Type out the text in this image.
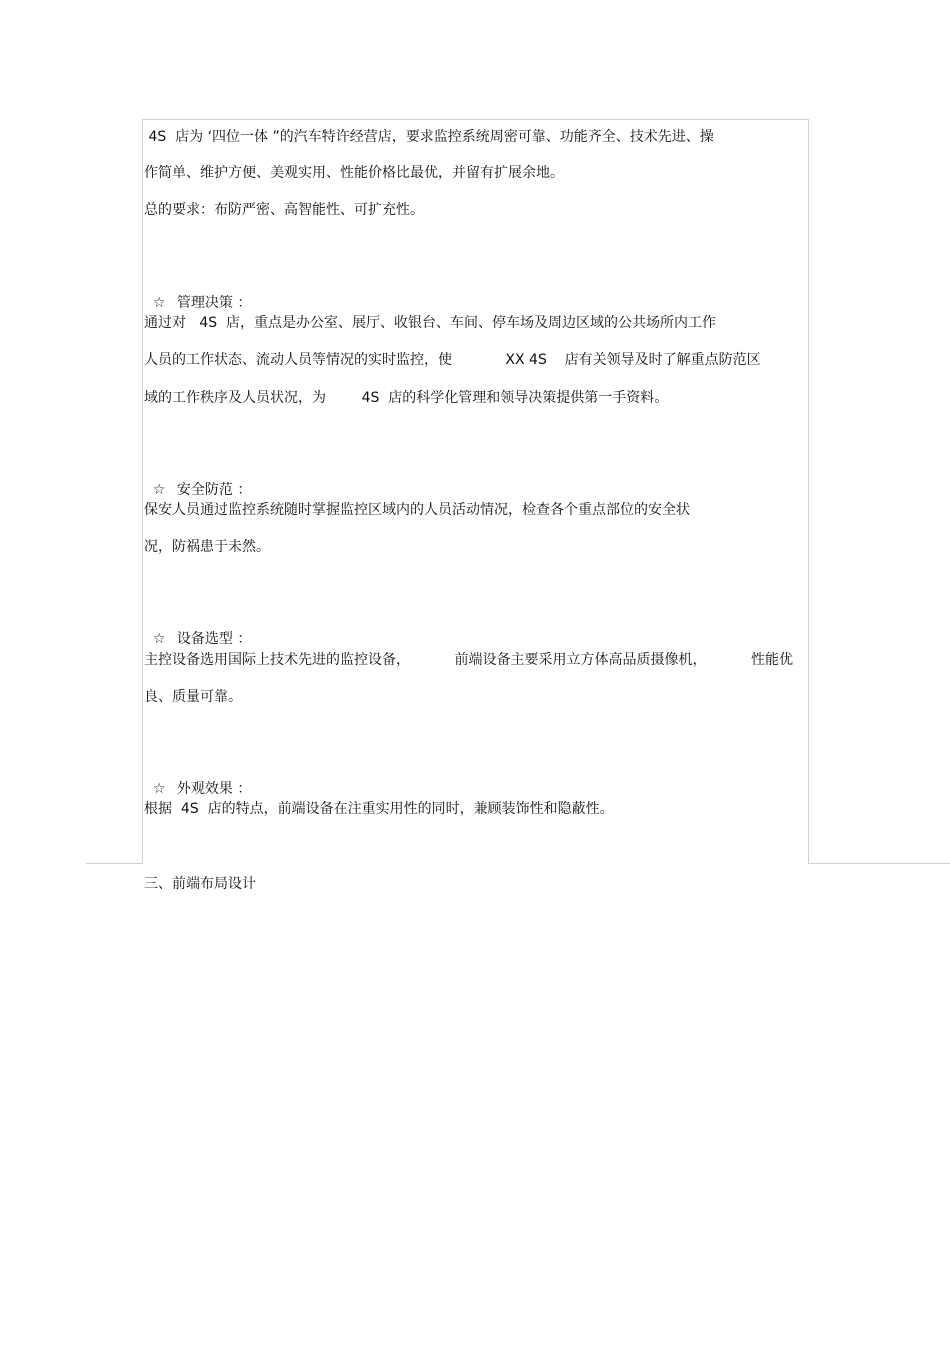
4S  店为 ‘四位一体 ”的汽车特许经营店，要求监控系统周密可靠、功能齐全、技术先进、操

作简单、维护方便、美观实用、性能价格比最优，并留有扩展余地。

总的要求：布防严密、高智能性、可扩充性。

☆ 管理决策 ：

通过对   4S  店，重点是办公室、展厅、收银台、车间、停车场及周边区域的公共场所内工作

人员的工作状态、流动人员等情况的实时监控，使            XX 4S    店有关领导及时了解重点防范区

域的工作秩序及人员状况，为        4S  店的科学化管理和领导决策提供第一手资料。

☆ 安全防范 ：

保安人员通过监控系统随时掌握监控区域内的人员活动情况，检查各个重点部位的安全状

况，防祸患于未然。

☆ 设备选型 ：

主控设备选用国际上技术先进的监控设备，          前端设备主要采用立方体高品质摄像机，          性能优

良、质量可靠。

☆ 外观效果 ：

根据  4S  店的特点，前端设备在注重实用性的同时，兼顾装饰性和隐蔽性。

三、前端布局设计
